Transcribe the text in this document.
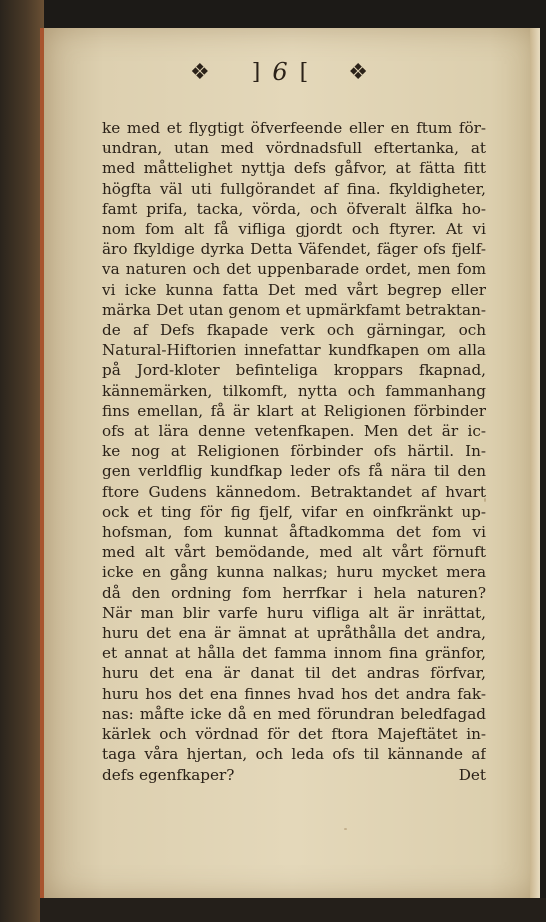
❖ ] 6 [ ❖
ke med et flygtigt öfverfeende eller en ftum för-
undran, utan med vördnadsfull eftertanka, at
med måttelighet nyttja defs gåfvor, at fätta fitt
högfta väl uti fullgörandet af fina. fkyldigheter,
famt prifa, tacka, vörda, och öfveralt älfka ho-
nom fom alt få vifliga gjordt och ftyrer. At vi
äro fkyldige dyrka Detta Väfendet, fäger ofs fjelf-
va naturen och det uppenbarade ordet, men fom
vi icke kunna fatta Det med vårt begrep eller
märka Det utan genom et upmärkfamt betraktan-
de af Defs fkapade verk och gärningar, och
Natural-Hiftorien innefattar kundfkapen om alla
på Jord-kloter befinteliga kroppars fkapnad,
kännemärken, tilkomft, nytta och fammanhang
fins emellan, få är klart at Religionen förbinder
ofs at lära denne vetenfkapen. Men det är ic-
ke nog at Religionen förbinder ofs härtil. In-
gen verldflig kundfkap leder ofs få nära til den
ftore Gudens kännedom. Betraktandet af hvart
ock et ting för fig fjelf, vifar en oinfkränkt up-
hofsman, fom kunnat åftadkomma det fom vi
med alt vårt bemödande, med alt vårt förnuft
icke en gång kunna nalkas; huru mycket mera
då den ordning fom herrfkar i hela naturen?
När man blir varfe huru vifliga alt är inrättat,
huru det ena är ämnat at upråthålla det andra,
et annat at hålla det famma innom fina gränfor,
huru det ena är danat til det andras förfvar,
huru hos det ena finnes hvad hos det andra fak-
nas: måfte icke då en med förundran beledfagad
kärlek och vördnad för det ftora Majeftätet in-
taga våra hjertan, och leda ofs til kännande af
defs egenfkaper?	Det
